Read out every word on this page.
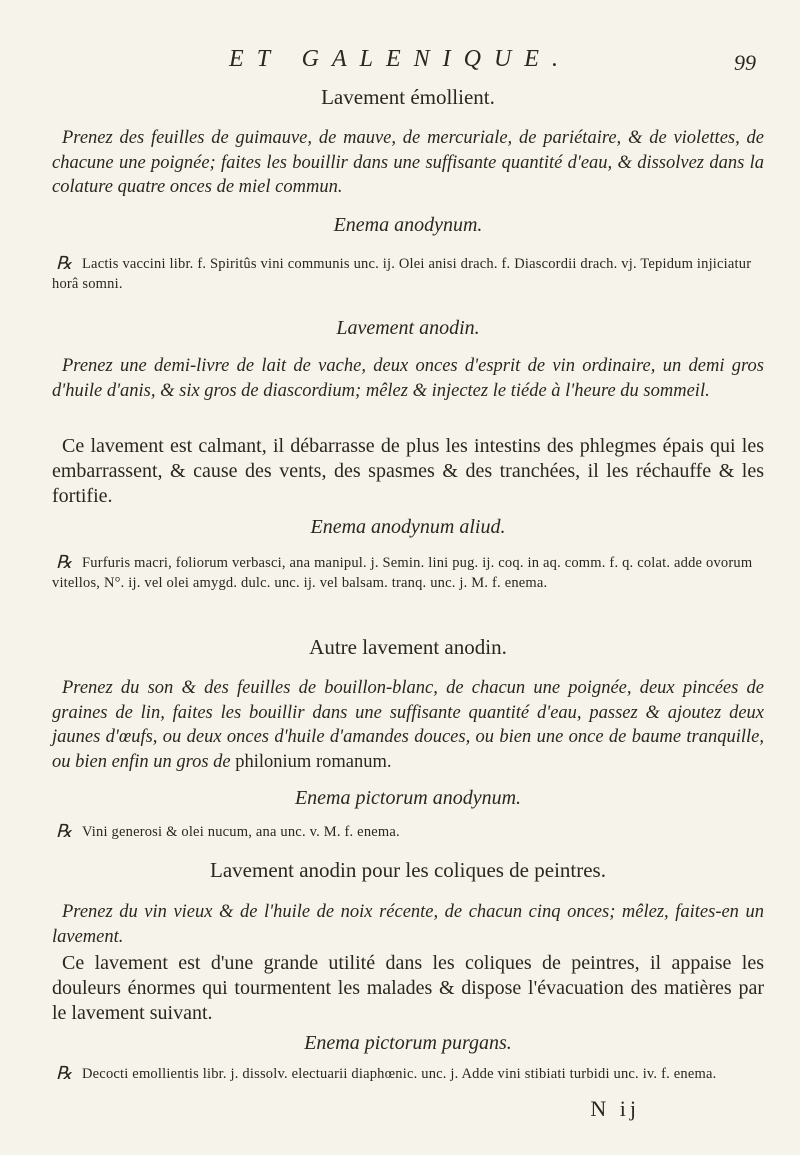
ET GALENIQUE.	99
Lavement émollient.

Prenez des feuilles de guimauve, de mauve, de mercuriale, de pariétaire, & de violettes, de chacune une poignée; faites les bouillir dans une suffisante quantité d'eau, & dissolvez dans la colature quatre onces de miel commun.

Enema anodynum.

℞ Lactis vaccini libr. f. Spiritûs vini communis unc. ij. Olei anisi drach. f. Diascordii drach. vj. Tepidum injiciatur horâ somni.

Lavement anodin.

Prenez une demi-livre de lait de vache, deux onces d'esprit de vin ordinaire, un demi gros d'huile d'anis, & six gros de diascordium; mêlez & injectez le tiéde à l'heure du sommeil.

Ce lavement est calmant, il débarrasse de plus les intestins des phlegmes épais qui les embarrassent, & cause des vents, des spasmes & des tranchées, il les réchauffe & les fortifie.

Enema anodynum aliud.

℞ Furfuris macri, foliorum verbasci, ana manipul. j. Semin. lini pug. ij. coq. in aq. comm. f. q. colat. adde ovorum vitellos, N°. ij. vel olei amygd. dulc. unc. ij. vel balsam. tranq. unc. j. M. f. enema.

Autre lavement anodin.

Prenez du son & des feuilles de bouillon-blanc, de chacun une poignée, deux pincées de graines de lin, faites les bouillir dans une suffisante quantité d'eau, passez & ajoutez deux jaunes d'œufs, ou deux onces d'huile d'amandes douces, ou bien une once de baume tranquille, ou bien enfin un gros de philonium romanum.

Enema pictorum anodynum.

℞ Vini generosi & olei nucum, ana unc. v. M. f. enema.

Lavement anodin pour les coliques de peintres.

Prenez du vin vieux & de l'huile de noix récente, de chacun cinq onces; mêlez, faites-en un lavement.

Ce lavement est d'une grande utilité dans les coliques de peintres, il appaise les douleurs énormes qui tourmentent les malades & dispose l'évacuation des matières par le lavement suivant.

Enema pictorum purgans.

℞ Decocti emollientis libr. j. dissolv. electuarii diaphœnic. unc. j. Adde vini stibiati turbidi unc. iv. f. enema.

N ij
